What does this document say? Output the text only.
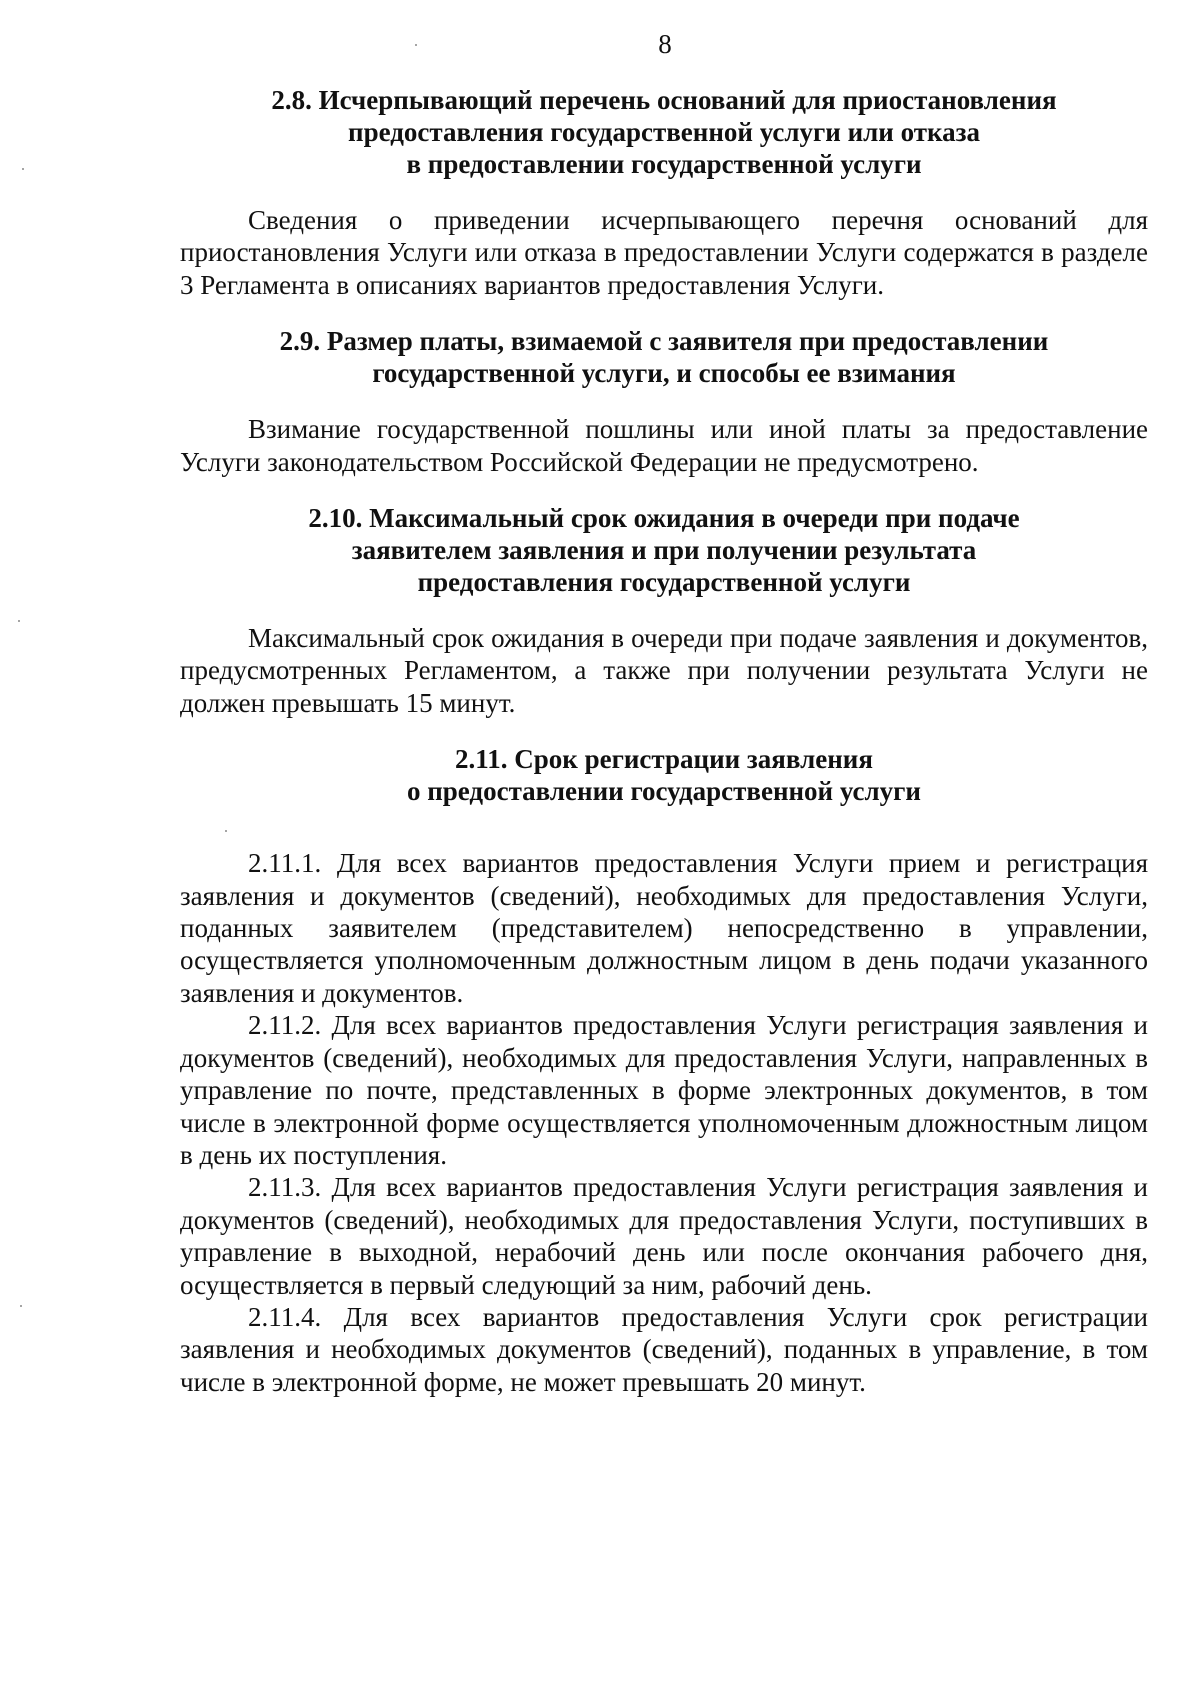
8
2.8. Исчерпывающий перечень оснований для приостановления
предоставления государственной услуги или отказа
в предоставлении государственной услуги

Сведения о приведении исчерпывающего перечня оснований для приостановления Услуги или отказа в предоставлении Услуги содержатся в разделе 3 Регламента в описаниях вариантов предоставления Услуги.

2.9. Размер платы, взимаемой с заявителя при предоставлении
государственной услуги, и способы ее взимания

Взимание государственной пошлины или иной платы за предоставление Услуги законодательством Российской Федерации не предусмотрено.

2.10. Максимальный срок ожидания в очереди при подаче
заявителем заявления и при получении результата
предоставления государственной услуги

Максимальный срок ожидания в очереди при подаче заявления и документов, предусмотренных Регламентом, а также при получении результата Услуги не должен превышать 15 минут.

2.11. Срок регистрации заявления
о предоставлении государственной услуги

2.11.1. Для всех вариантов предоставления Услуги прием и регистрация заявления и документов (сведений), необходимых для предоставления Услуги, поданных заявителем (представителем) непосредственно в управлении, осуществляется уполномоченным должностным лицом в день подачи указанного заявления и документов.

2.11.2. Для всех вариантов предоставления Услуги регистрация заявления и документов (сведений), необходимых для предоставления Услуги, направленных в управление по почте, представленных в форме электронных документов, в том числе в электронной форме осуществляется уполномоченным дложностным лицом в день их поступления.

2.11.3. Для всех вариантов предоставления Услуги регистрация заявления и документов (сведений), необходимых для предоставления Услуги, поступивших в управление в выходной, нерабочий день или после окончания рабочего дня, осуществляется в первый следующий за ним, рабочий день.

2.11.4. Для всех вариантов предоставления Услуги срок регистрации заявления и необходимых документов (сведений), поданных в управление, в том числе в электронной форме, не может превышать 20 минут.
